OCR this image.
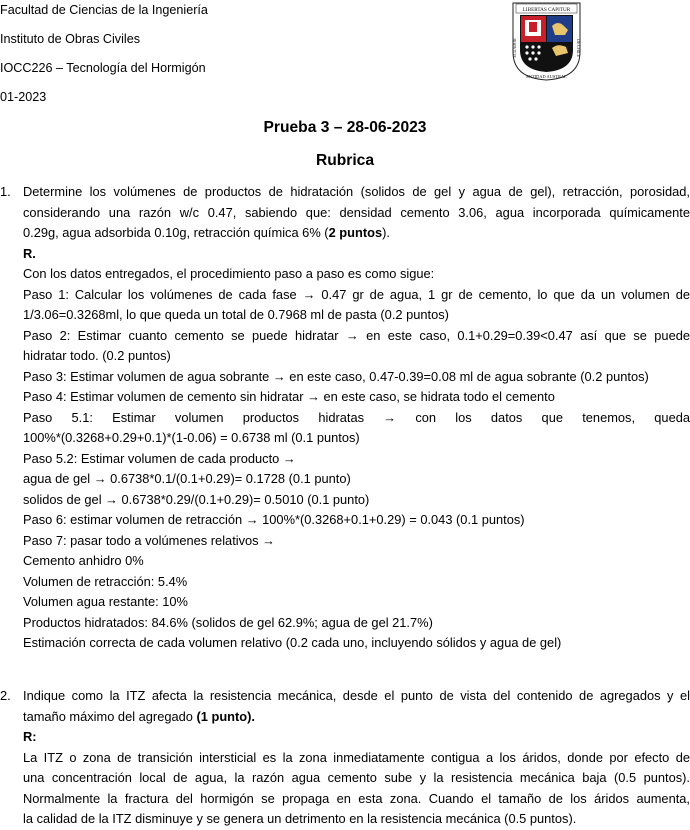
Facultad de Ciencias de la Ingeniería
Instituto de Obras Civiles
IOCC226 – Tecnología del Hormigón
01-2023
LIBERTAS CAPITUR
ECUADOR
ENTIDAD AUSTRAL
DE CHILE
Prueba 3 – 28-06-2023
Rubrica
1. Determine los volúmenes de productos de hidratación (solidos de gel y agua de gel), retracción, porosidad,
considerando una razón w/c 0.47, sabiendo que: densidad cemento 3.06, agua incorporada químicamente
0.29g, agua adsorbida 0.10g, retracción química 6% (2 puntos).
R.
Con los datos entregados, el procedimiento paso a paso es como sigue:
Paso 1: Calcular los volúmenes de cada fase → 0.47 gr de agua, 1 gr de cemento, lo que da un volumen de
1/3.06=0.3268ml, lo que queda un total de 0.7968 ml de pasta (0.2 puntos)
Paso 2: Estimar cuanto cemento se puede hidratar → en este caso, 0.1+0.29=0.39<0.47 así que se puede
hidratar todo. (0.2 puntos)
Paso 3: Estimar volumen de agua sobrante → en este caso, 0.47-0.39=0.08 ml de agua sobrante (0.2 puntos)
Paso 4: Estimar volumen de cemento sin hidratar → en este caso, se hidrata todo el cemento
Paso 5.1: Estimar volumen productos hidratas → con los datos que tenemos, queda
100%*(0.3268+0.29+0.1)*(1-0.06) = 0.6738 ml (0.1 puntos)
Paso 5.2: Estimar volumen de cada producto →
agua de gel → 0.6738*0.1/(0.1+0.29)= 0.1728 (0.1 punto)
solidos de gel → 0.6738*0.29/(0.1+0.29)= 0.5010 (0.1 punto)
Paso 6: estimar volumen de retracción → 100%*(0.3268+0.1+0.29) = 0.043 (0.1 puntos)
Paso 7: pasar todo a volúmenes relativos →
Cemento anhidro 0%
Volumen de retracción: 5.4%
Volumen agua restante: 10%
Productos hidratados: 84.6% (solidos de gel 62.9%; agua de gel 21.7%)
Estimación correcta de cada volumen relativo (0.2 cada uno, incluyendo sólidos y agua de gel)
2. Indique como la ITZ afecta la resistencia mecánica, desde el punto de vista del contenido de agregados y el
tamaño máximo del agregado (1 punto).
R:
La ITZ o zona de transición intersticial es la zona inmediatamente contigua a los áridos, donde por efecto de
una concentración local de agua, la razón agua cemento sube y la resistencia mecánica baja (0.5 puntos).
Normalmente la fractura del hormigón se propaga en esta zona. Cuando el tamaño de los áridos aumenta,
la calidad de la ITZ disminuye y se genera un detrimento en la resistencia mecánica (0.5 puntos).
